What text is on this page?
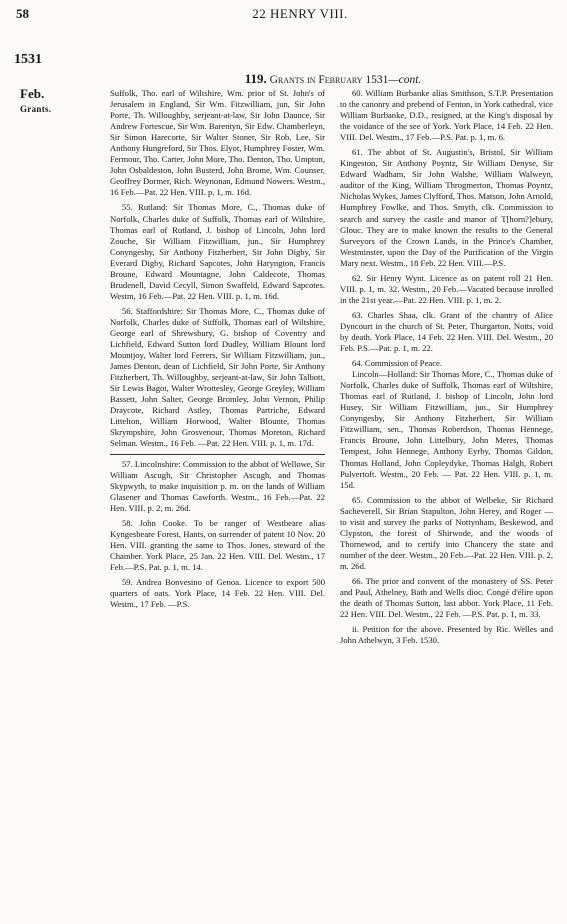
58	22 HENRY VIII.
1531
Feb.
Grants.
119. Grants in February 1531—cont.

Suffolk, Tho. earl of Wiltshire, Wm. prior of St. John's of Jerusalem in England, Sir Wm. Fitzwilliam, jun, Sir John Porte, Th. Willoughby, serjeant-at-law, Sir John Daunce, Sir Andrew Fortescue, Sir Wm. Barentyn, Sir Edw. Chamberleyn, Sir Simon Harecorte, Sir Walter Stoner, Sir Rob. Lee, Sir Anthony Hungreford, Sir Thos. Elyot, Humphrey Foster, Wm. Fermour, Tho. Carter, John More, Tho. Denton, Tho. Umpton, John Osbaldeston, John Busterd, John Brome, Wm. Counser, Geoffrey Dormer, Rich. Weynonan, Edmund Nowers. Westm., 16 Feb.—Pat. 22 Hen. VIII. p. 1, m. 16d.

55. Rutland: Sir Thomas More, C., Thomas duke of Norfolk, Charles duke of Suffolk, Thomas earl of Wiltshire, Thomas earl of Rutland, J. bishop of Lincoln, John lord Zouche, Sir William Fitzwilliam, jun., Sir Humphrey Conyngesby, Sir Anthony Fitzherbert, Sir John Digby, Sir Everard Digby, Richard Sapcotes, John Haryngton, Francis Broune, Edward Mountagne, John Caldecote, Thomas Brudenell, David Cecyll, Simon Swaffeld, Edward Sapcotes. Westm, 16 Feb.—Pat. 22 Hen. VIII. p. 1, m. 16d.

56. Staffordshire: Sir Thomas More, C., Thomas duke of Norfolk, Charles duke of Suffolk, Thomas earl of Wiltshire, George earl of Shrewsbury, G. bishop of Coventry and Lichfield, Edward Sutton lord Dudley, William Blount lord Mountjoy, Walter lord Ferrers, Sir William Fitzwilliam, jun., James Denton, dean of Lichfield, Sir John Porte, Sir Anthony Fitzherbert, Th. Willoughby, serjeant-at-law, Sir John Talbott, Sir Lewis Bagot, Walter Wrottesley, George Greyley, William Bassett, John Salter, George Bromley, John Vernon, Philip Draycote, Richard Astley, Thomas Partriche, Edward Littelton, William Horwood, Walter Blounte, Thomas Skrympshire, John Grosvenour, Thomas Moreton, Richard Selman. Westm., 16 Feb. —Pat. 22 Hen. VIII. p. 1, m. 17d.

57. Lincolnshire: Commission to the abbot of Wellowe, Sir William Ascugh, Sir Christopher Ascugh, and Thomas Skypwyth, to make inquisition p. m. on the lands of William Glasener and Thomas Cawforth. Westm., 16 Feb.—Pat. 22 Hen. VIII. p. 2, m. 26d.

58. John Cooke. To be ranger of Westbeare alias Kyngesbeare Forest, Hants, on surrender of patent 10 Nov. 20 Hen. VIII. granting the same to Thos. Jones, steward of the Chamber. York Place, 25 Jan. 22 Hen. VIII. Del. Westm., 17 Feb.—P.S. Pat. p. 1, m. 14.

59. Andrea Bonvesino of Genoa. Licence to export 500 quarters of oats. York Place, 14 Feb. 22 Hen. VIII. Del. Westm., 17 Feb. —P.S.

60. William Burbanke alias Smithson, S.T.P. Presentation to the canonry and prebend of Fenton, in York cathedral, vice William Burbanke, D.D., resigned, at the King's disposal by the voidance of the see of York. York Place, 14 Feb. 22 Hen. VIII. Del. Westm., 17 Feb.—P.S. Pat. p. 1, m. 6.

61. The abbot of St. Augustin's, Bristol, Sir William Kingeston, Sir Anthony Poyntz, Sir William Denyse, Sir Edward Wadham, Sir John Walshe, William Walweyn, auditor of the King, William Throgmerton, Thomas Poyntz, Nicholas Wykes, James Clyfford, Thos. Matson, John Arnold, Humphrey Fowlke, and Thos. Smyth, clk. Commission to search and survey the castle and manor of T[horn?]ebury, Glouc. They are to make known the results to the General Surveyors of the Crown Lands, in the Prince's Chamber, Westminster, upon the Day of the Purification of the Virgin Mary next. Westm., 18 Feb. 22 Hen. VIII.—P.S.

62. Sir Henry Wynt. Licence as on patent roll 21 Hen. VIII. p. 1, m. 32. Westm., 20 Feb.—Vacated because inrolled in the 21st year.—Pat. 22 Hen. VIII. p. 1, m. 2.

63. Charles Shaa, clk. Grant of the chantry of Alice Dyncourt in the church of St. Peter, Thurgarton, Notts, void by death. York Place, 14 Feb. 22 Hen. VIII. Del. Westm., 20 Feb. P.S.—Pat. p. 1, m. 22.

64. Commission of Peace.

Lincoln—Holland: Sir Thomas More, C., Thomas duke of Norfolk, Charles duke of Suffolk, Thomas earl of Wiltshire, Thomas earl of Rutland, J. bishop of Lincoln, John lord Husey, Sir William Fitzwilliam, jun., Sir Humphrey Conyngesby, Sir Anthony Fitzherbert, Sir William Fitzwilliam, sen., Thomas Roberdson, Thomas Hennege, Francis Broune, John Littelbury, John Meres, Thomas Tempest, John Hennege, Anthony Eyrby, Thomas Gildon, Thomas Holland, John Copleydyke, Thomas Halgh, Robert Pulvertoft. Westm., 20 Feb. — Pat. 22 Hen. VIII. p. 1, m. 15d.

65. Commission to the abbot of Welbeke, Sir Richard Sacheverell, Sir Brian Stapulton, John Herey, and Roger — to visit and survey the parks of Nottynham, Beskewod, and Clypston, the forest of Shirwode, and the woods of Thornewod, and to certify into Chancery the state and number of the deer. Westm., 20 Feb.—Pat. 22 Hen. VIII. p. 2, m. 26d.

66. The prior and convent of the monastery of SS. Peter and Paul, Athelney, Bath and Wells dioc. Congé d'élire upon the death of Thomas Sutton, last abbot. York Place, 11 Feb. 22 Hen. VIII. Del. Westm., 22 Feb. —P.S. Pat. p. 1, m. 33.

ii. Petition for the above. Presented by Ric. Welles and John Athelwyn, 3 Feb. 1530.
